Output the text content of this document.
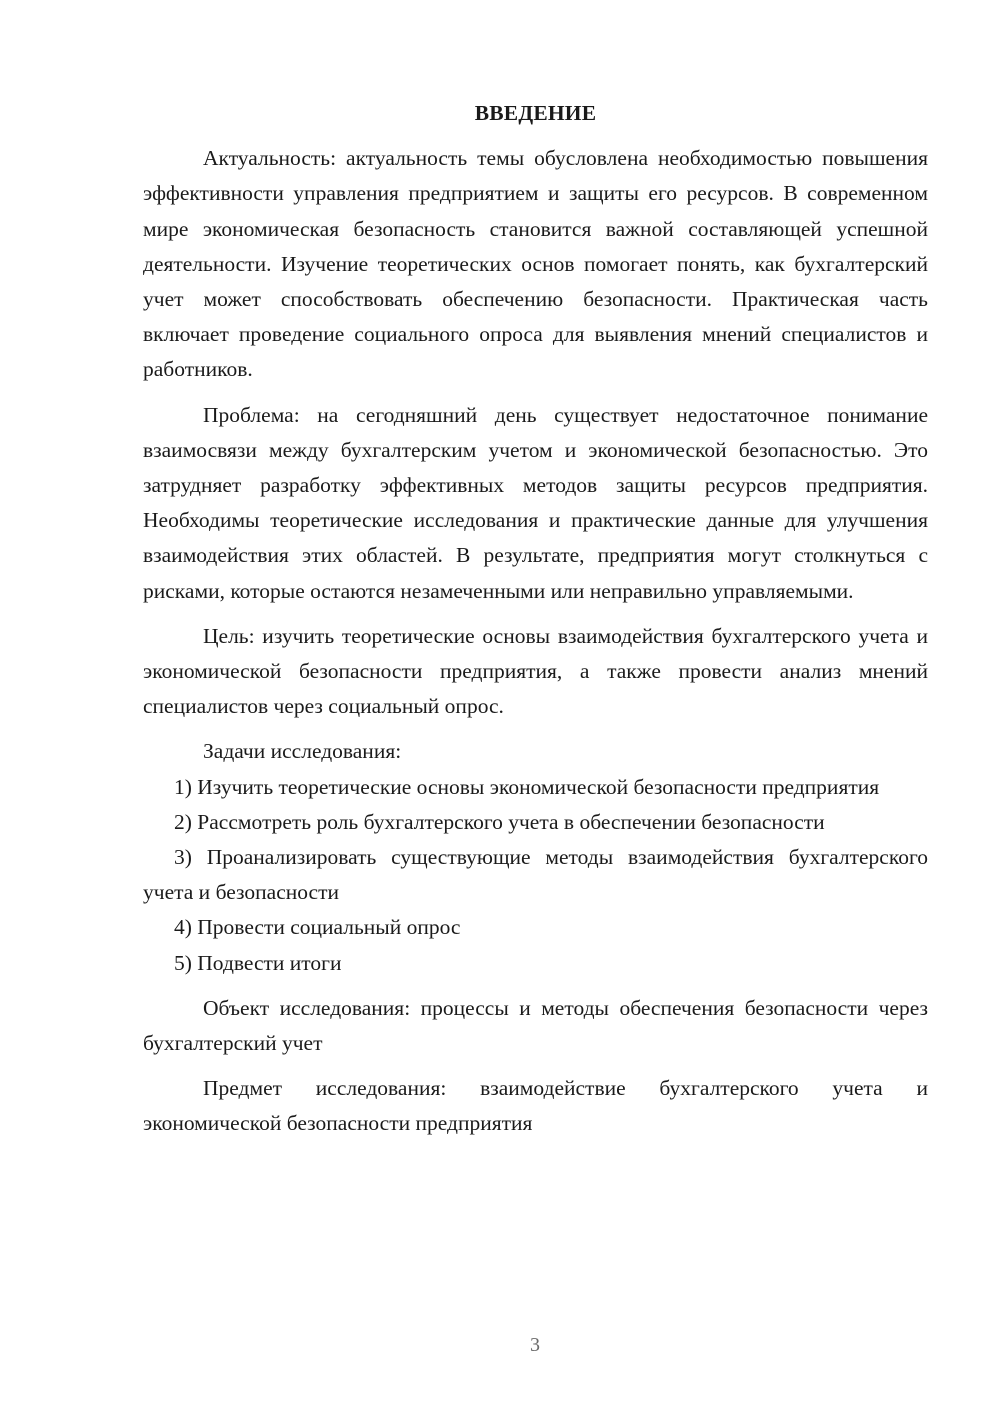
ВВЕДЕНИЕ

Актуальность: актуальность темы обусловлена необходимостью повышения эффективности управления предприятием и защиты его ресурсов. В современном мире экономическая безопасность становится важной составляющей успешной деятельности. Изучение теоретических основ помогает понять, как бухгалтерский учет может способствовать обеспечению безопасности. Практическая часть включает проведение социального опроса для выявления мнений специалистов и работников.

Проблема: на сегодняшний день существует недостаточное понимание взаимосвязи между бухгалтерским учетом и экономической безопасностью. Это затрудняет разработку эффективных методов защиты ресурсов предприятия. Необходимы теоретические исследования и практические данные для улучшения взаимодействия этих областей. В результате, предприятия могут столкнуться с рисками, которые остаются незамеченными или неправильно управляемыми.

Цель: изучить теоретические основы взаимодействия бухгалтерского учета и экономической безопасности предприятия, а также провести анализ мнений специалистов через социальный опрос.

Задачи исследования:

1) Изучить теоретические основы экономической безопасности предприятия

2) Рассмотреть роль бухгалтерского учета в обеспечении безопасности

3) Проанализировать существующие методы взаимодействия бухгалтерского учета и безопасности

4) Провести социальный опрос

5) Подвести итоги

Объект исследования: процессы и методы обеспечения безопасности через бухгалтерский учет

Предмет исследования: взаимодействие бухгалтерского учета и экономической безопасности предприятия

3
